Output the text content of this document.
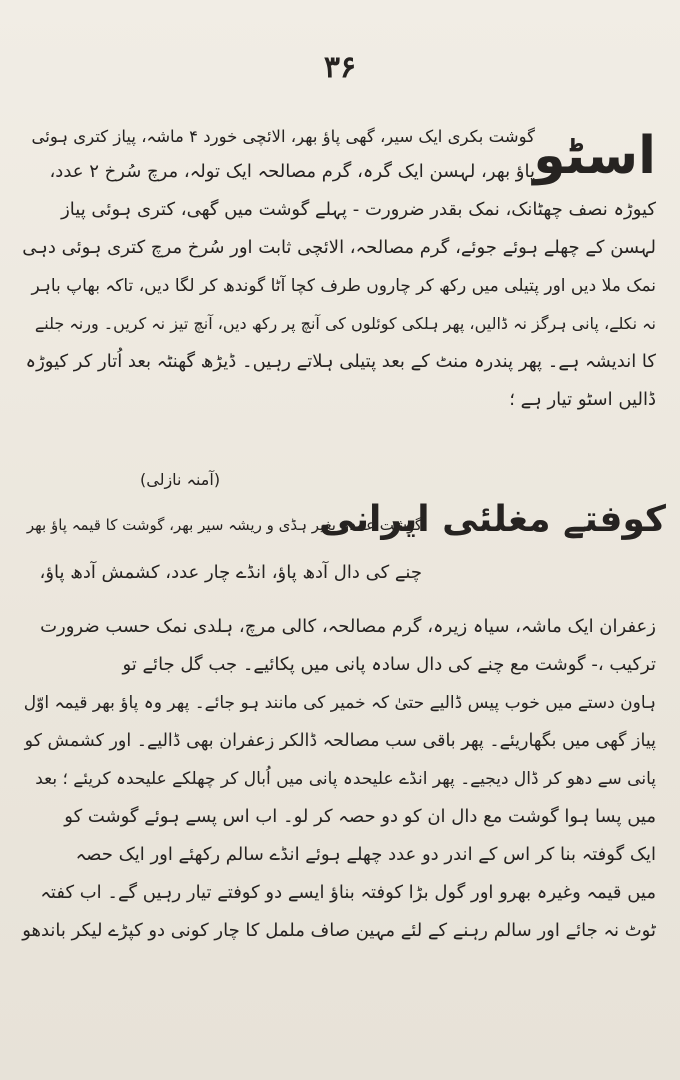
۳۶
اسٹو
گوشت بکری ایک سیر، گھی پاؤ بھر، الائچی خورد ۴ ماشہ، پیاز کتری ہوئی
پاؤ بھر، لہسن ایک گرہ، گرم مصالحہ ایک تولہ، مرچ سُرخ ۲ عدد،
کیوڑہ نصف چھٹانک، نمک بقدر ضرورت - پہلے گوشت میں گھی، کتری ہوئی پیاز
لہسن کے چھلے ہوئے جوئے، گرم مصالحہ، الائچی ثابت اور سُرخ مرچ کتری ہوئی دہی
نمک ملا دیں اور پتیلی میں رکھ کر چاروں طرف کچا آٹا گوندھ کر لگا دیں، تاکہ بھاپ باہر
نہ نکلے، پانی ہرگز نہ ڈالیں، پھر ہلکی کوئلوں کی آنچ پر رکھ دیں، آنچ تیز نہ کریں۔ ورنہ جلنے
کا اندیشہ ہے۔ پھر پندرہ منٹ کے بعد پتیلی ہلاتے رہیں۔ ڈیڑھ گھنٹہ بعد اُتار کر کیوڑہ
ڈالیں اسٹو تیار ہے ؛
(آمنہ نازلی)
کوفتے مغلئی ایرانی
گوشت عمدہ بغیر ہڈی و ریشہ سیر بھر، گوشت کا قیمہ پاؤ بھر
چنے کی دال آدھ پاؤ، انڈے چار عدد، کشمش آدھ پاؤ،
زعفران ایک ماشہ، سیاہ زیرہ، گرم مصالحہ، کالی مرچ، ہلدی نمک حسب ضرورت
ترکیب ،- گوشت مع چنے کی دال سادہ پانی میں پکائیے۔ جب گل جائے تو
ہاون دستے میں خوب پیس ڈالیے حتیٰ کہ خمیر کی مانند ہو جائے۔ پھر وہ پاؤ بھر قیمہ اوّل
پیاز گھی میں بگھاریئے۔ پھر باقی سب مصالحہ ڈالکر زعفران بھی ڈالیے۔ اور کشمش کو
پانی سے دھو کر ڈال دیجیے۔ پھر انڈے علیحدہ پانی میں اُبال کر چھلکے علیحدہ کریئے ؛ بعد
میں پسا ہوا گوشت مع دال ان کو دو حصہ کر لو۔ اب اس پسے ہوئے گوشت کو
ایک گوفتہ بنا کر اس کے اندر دو عدد چھلے ہوئے انڈے سالم رکھئے اور ایک حصہ
میں قیمہ وغیرہ بھرو اور گول بڑا کوفتہ بناؤ ایسے دو کوفتے تیار رہیں گے۔ اب کفتہ
ٹوٹ نہ جائے اور سالم رہنے کے لئے مہین صاف ململ کا چار کونی دو کپڑے لیکر باندھو
